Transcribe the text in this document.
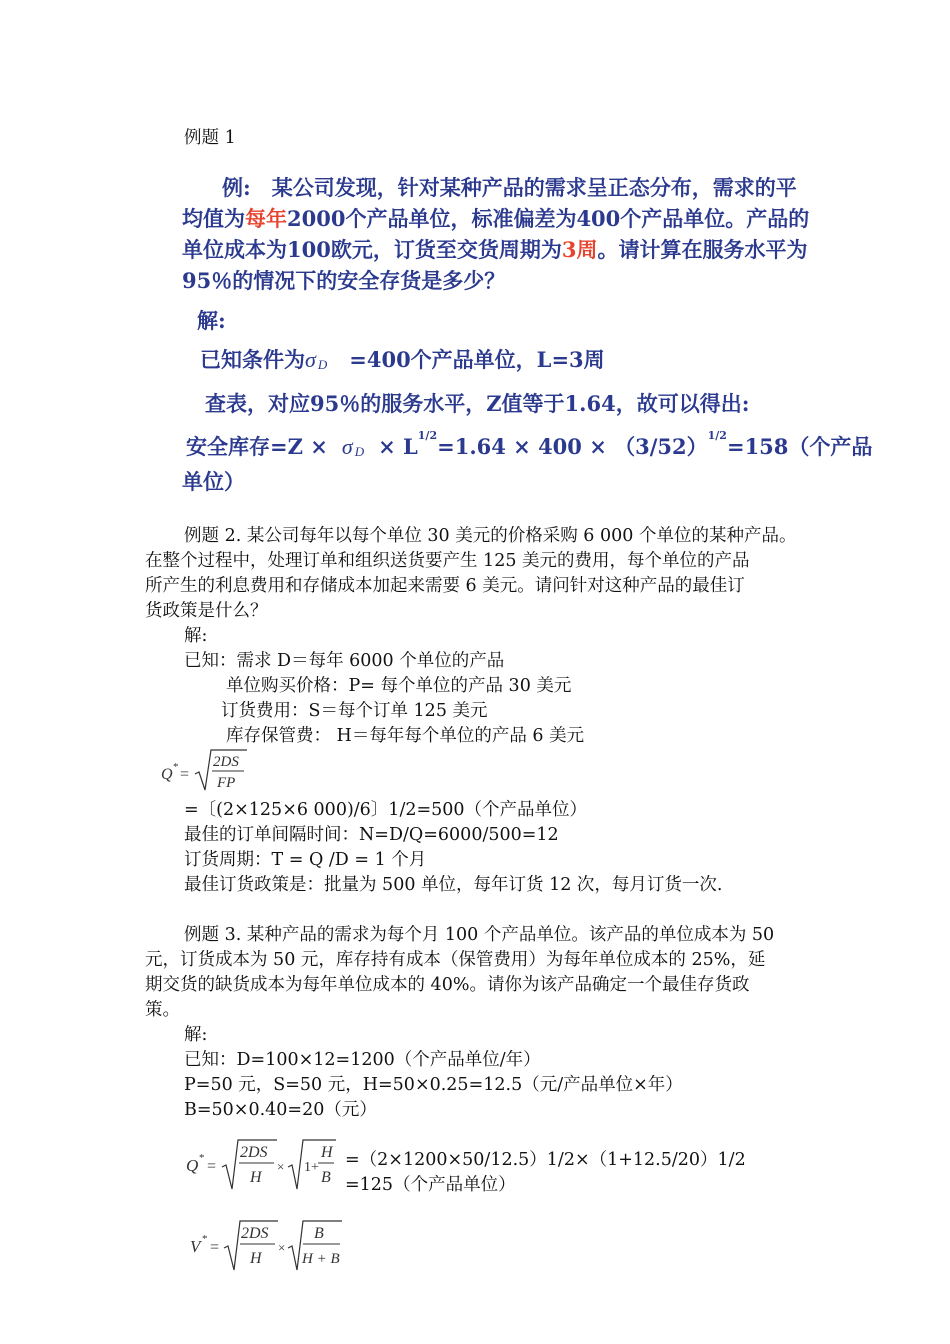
例题 1
例:　某公司发现，针对某种产品的需求呈正态分布，需求的平
均值为每年2000个产品单位，标准偏差为400个产品单位。产品的
单位成本为100欧元，订货至交货周期为3周。请计算在服务水平为
95％的情况下的安全存货是多少？
解:
已知条件为σ $_D$ =400个产品单位，L=3周
查表，对应95％的服务水平，Z值等于1.64，故可以得出:
安全库存=Z × σ $_D \times L^{1/2}=1.64 \times 400 \times (3/52)^{1/2}=158$（个产品
单位）
例题 2. 某公司每年以每个单位 30 美元的价格采购 6 000 个单位的某种产品。
在整个过程中，处理订单和组织送货要产生 125 美元的费用，每个单位的产品
所产生的利息费用和存储成本加起来需要 6 美元。请问针对这种产品的最佳订
货政策是什么？
解:
已知：需求 D＝每年 6000 个单位的产品
单位购买价格：P= 每个单位的产品 30 美元
订货费用：S＝每个订单 125 美元
库存保管费： H＝每年每个单位的产品 6 美元
Q * =
2DS
FP
=〔(2×125×6 000)/6〕1/2=500（个产品单位）
最佳的订单间隔时间：N=D/Q=6000/500=12
订货周期：T = Q /D = 1 个月
最佳订货政策是：批量为 500 单位，每年订货 12 次，每月订货一次.
例题 3. 某种产品的需求为每个月 100 个产品单位。该产品的单位成本为 50
元，订货成本为 50 元，库存持有成本（保管费用）为每年单位成本的 25%，延
期交货的缺货成本为每年单位成本的 40%。请你为该产品确定一个最佳存货政
策。
解:
已知：D=100×12=1200（个产品单位/年）
P=50 元，S=50 元，H=50×0.25=12.5（元/产品单位×年）
B=50×0.40=20（元）
Q * =
2DS
H
× 1+
H
B
=（2×1200×50/12.5）1/2×（1+12.5/20）1/2
=125（个产品单位）
V * =
2DS
H
×
B
H + B
